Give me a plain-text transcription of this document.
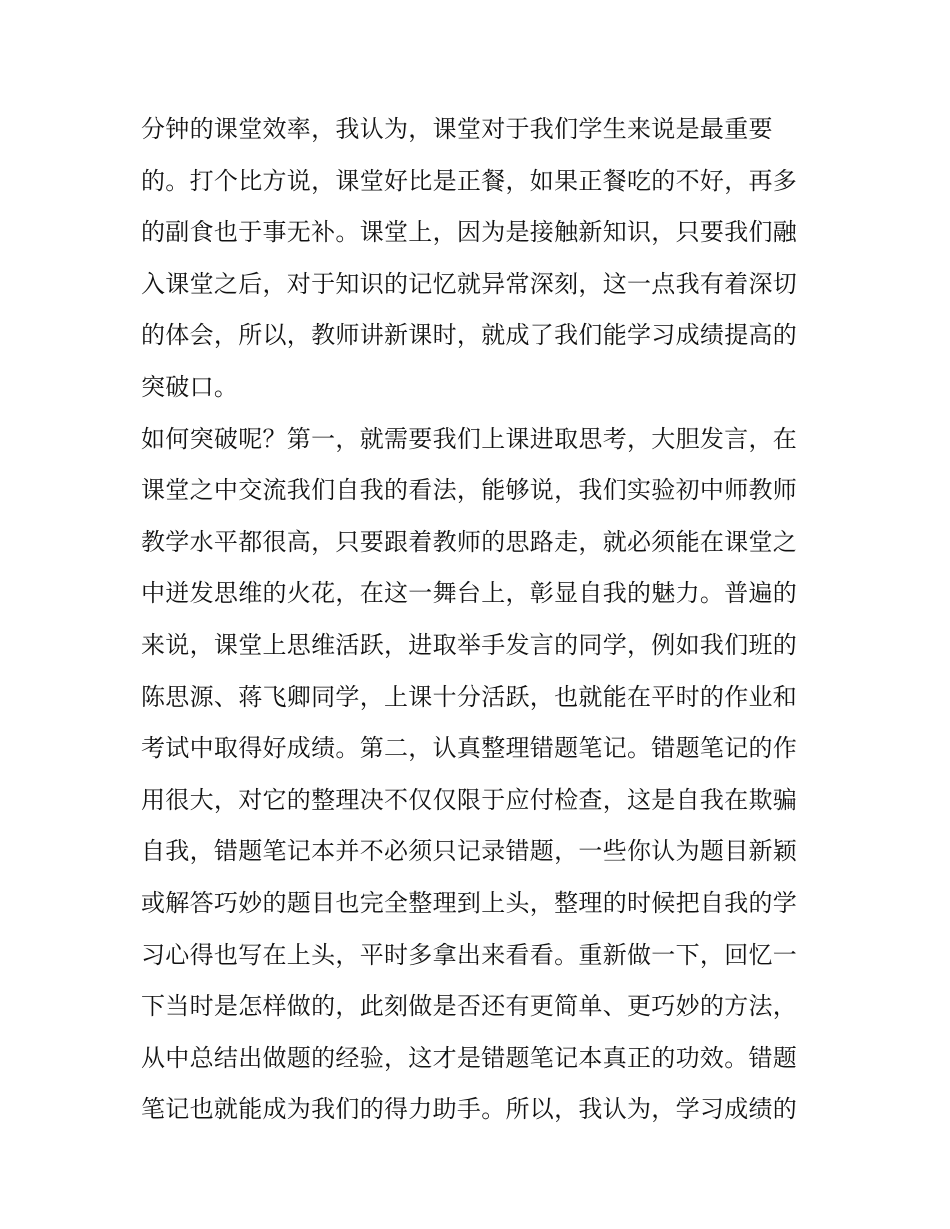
分钟的课堂效率，我认为，课堂对于我们学生来说是最重要
的。打个比方说，课堂好比是正餐，如果正餐吃的不好，再多
的副食也于事无补。课堂上，因为是接触新知识，只要我们融
入课堂之后，对于知识的记忆就异常深刻，这一点我有着深切
的体会，所以，教师讲新课时，就成了我们能学习成绩提高的
突破口。
如何突破呢？第一，就需要我们上课进取思考，大胆发言，在
课堂之中交流我们自我的看法，能够说，我们实验初中师教师
教学水平都很高，只要跟着教师的思路走，就必须能在课堂之
中迸发思维的火花，在这一舞台上，彰显自我的魅力。普遍的
来说，课堂上思维活跃，进取举手发言的同学，例如我们班的
陈思源、蒋飞卿同学，上课十分活跃，也就能在平时的作业和
考试中取得好成绩。第二，认真整理错题笔记。错题笔记的作
用很大，对它的整理决不仅仅限于应付检查，这是自我在欺骗
自我，错题笔记本并不必须只记录错题，一些你认为题目新颖
或解答巧妙的题目也完全整理到上头，整理的时候把自我的学
习心得也写在上头，平时多拿出来看看。重新做一下，回忆一
下当时是怎样做的，此刻做是否还有更简单、更巧妙的方法，
从中总结出做题的经验，这才是错题笔记本真正的功效。错题
笔记也就能成为我们的得力助手。所以，我认为，学习成绩的
